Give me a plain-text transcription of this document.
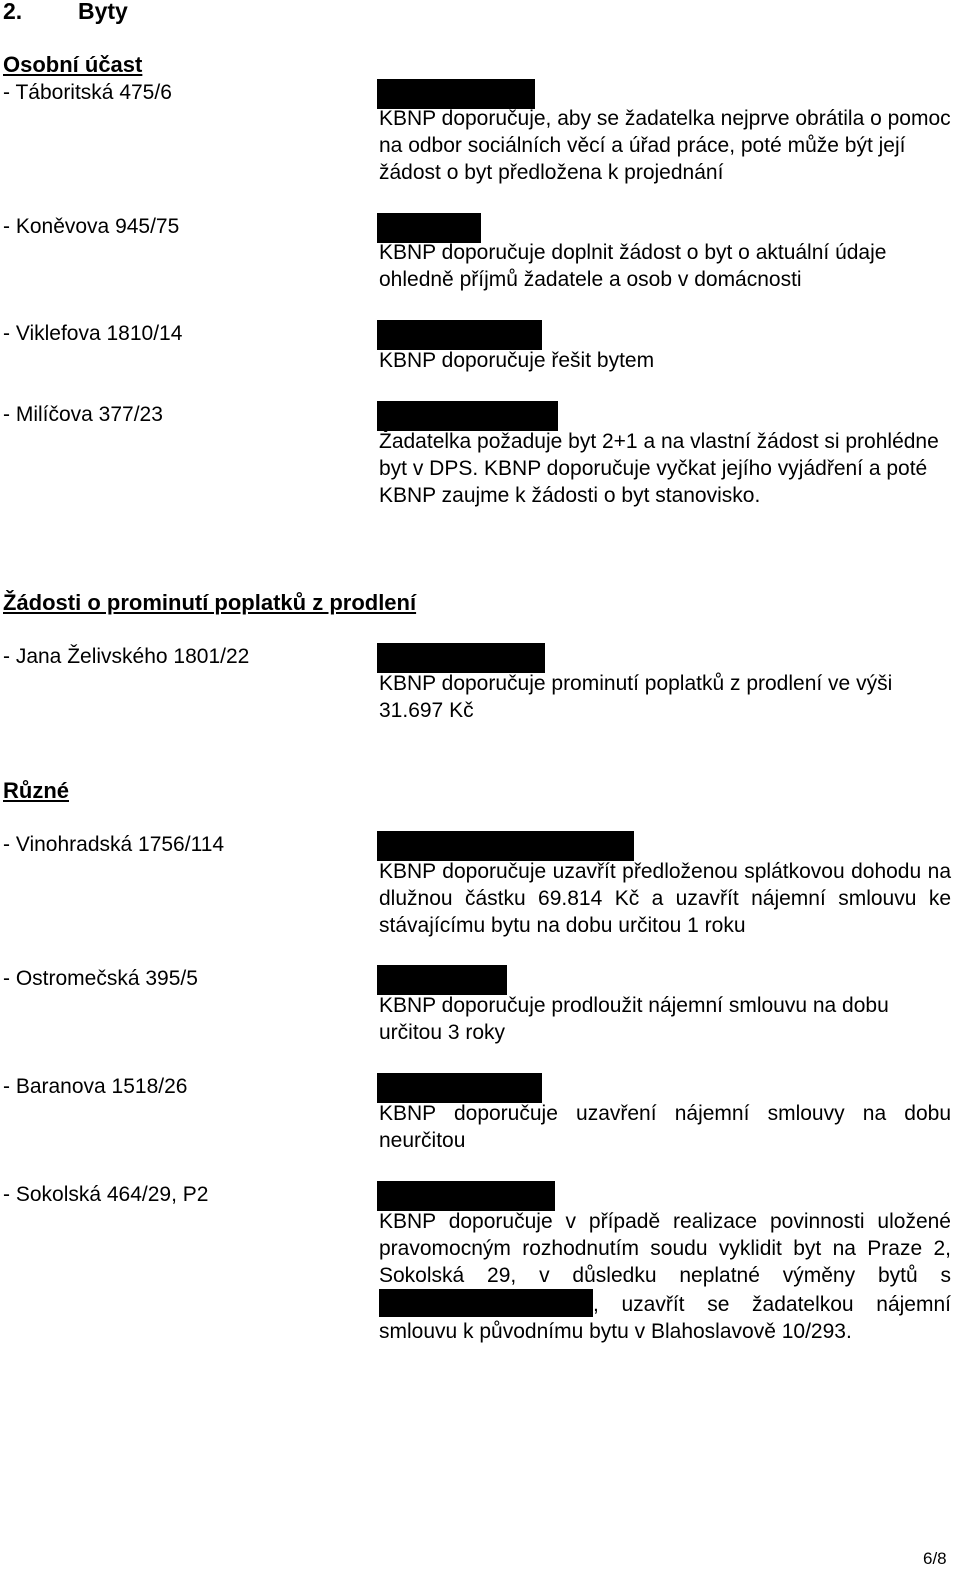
2. Byty
Osobní účast
- Táboritská 475/6
KBNP doporučuje, aby se žadatelka nejprve obrátila o pomoc na odbor sociálních věcí a úřad práce, poté může být její žádost o byt předložena k projednání
- Koněvova 945/75
KBNP doporučuje doplnit žádost o byt o aktuální údaje ohledně příjmů žadatele a osob v domácnosti
- Viklefova 1810/14
KBNP doporučuje řešit bytem
- Milíčova 377/23
Žadatelka požaduje byt 2+1 a na vlastní žádost si prohlédne byt v DPS. KBNP doporučuje vyčkat jejího vyjádření a poté KBNP zaujme k žádosti o byt stanovisko.
Žádosti o prominutí poplatků z prodlení
- Jana Želivského 1801/22
KBNP doporučuje prominutí poplatků z prodlení ve výši 31.697 Kč
Různé
- Vinohradská 1756/114
KBNP doporučuje uzavřít předloženou splátkovou dohodu na dlužnou částku 69.814 Kč a uzavřít nájemní smlouvu ke stávajícímu bytu na dobu určitou 1 roku
- Ostromečská 395/5
KBNP doporučuje prodloužit nájemní smlouvu na dobu určitou 3 roky
- Baranova 1518/26
KBNP doporučuje uzavření nájemní smlouvy na dobu neurčitou
- Sokolská 464/29, P2
KBNP doporučuje v případě realizace povinnosti uložené pravomocným rozhodnutím soudu vyklidit byt na Praze 2, Sokolská 29, v důsledku neplatné výměny bytů s , uzavřít se žadatelkou nájemní smlouvu k původnímu bytu v Blahoslavově 10/293.
6/8
